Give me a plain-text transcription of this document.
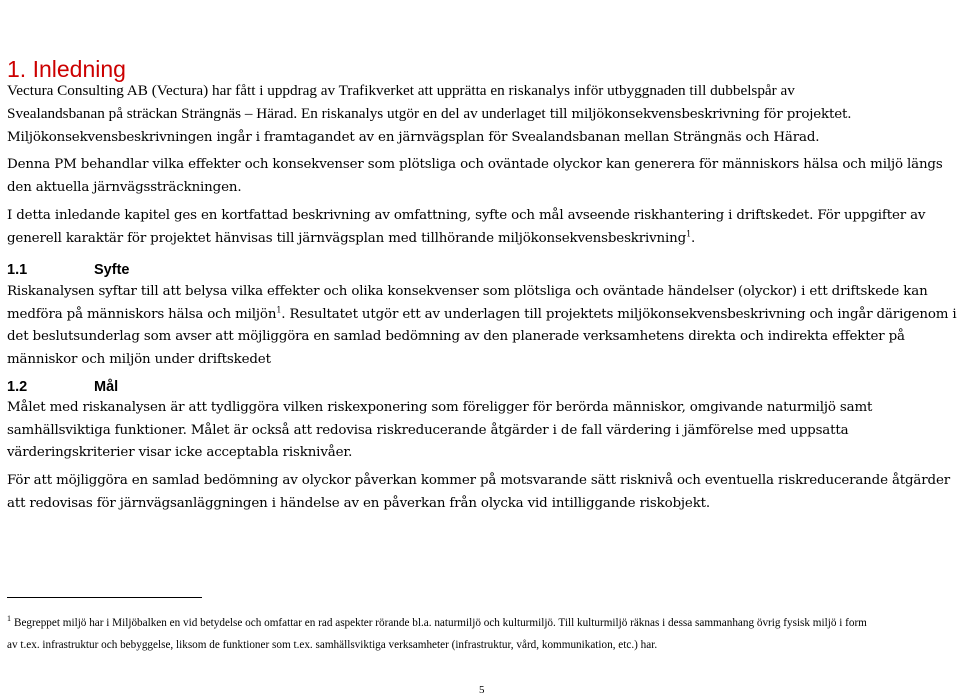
1. Inledning
Vectura Consulting AB (Vectura) har fått i uppdrag av Trafikverket att upprätta en riskanalys inför utbyggnaden till dubbelspår av
Svealandsbanan på sträckan Strängnäs – Härad. En riskanalys utgör en del av underlaget till miljökonsekvensbeskrivning för projektet.
Miljökonsekvensbeskrivningen ingår i framtagandet av en järnvägsplan för Svealandsbanan mellan Strängnäs och Härad.
Denna PM behandlar vilka effekter och konsekvenser som plötsliga och oväntade olyckor kan generera för människors hälsa och miljö längs
den aktuella järnvägssträckningen.
I detta inledande kapitel ges en kortfattad beskrivning av omfattning, syfte och mål avseende riskhantering i driftskedet. För uppgifter av
generell karaktär för projektet hänvisas till järnvägsplan med tillhörande miljökonsekvensbeskrivning$^1$.
1.1	Syfte
Riskanalysen syftar till att belysa vilka effekter och olika konsekvenser som plötsliga och oväntade händelser (olyckor) i ett driftskede kan
medföra på människors hälsa och miljön$^1$. Resultatet utgör ett av underlagen till projektets miljökonsekvensbeskrivning och ingår därigenom i
det beslutsunderlag som avser att möjliggöra en samlad bedömning av den planerade verksamhetens direkta och indirekta effekter på
människor och miljön under driftskedet
1.2	Mål
Målet med riskanalysen är att tydliggöra vilken riskexponering som föreligger för berörda människor, omgivande naturmiljö samt
samhällsviktiga funktioner. Målet är också att redovisa riskreducerande åtgärder i de fall värdering i jämförelse med uppsatta
värderingskriterier visar icke acceptabla risknivåer.
För att möjliggöra en samlad bedömning av olyckor påverkan kommer på motsvarande sätt risknivå och eventuella riskreducerande åtgärder
att redovisas för järnvägsanläggningen i händelse av en påverkan från olycka vid intilliggande riskobjekt.
$^1$ Begreppet miljö har i Miljöbalken en vid betydelse och omfattar en rad aspekter rörande bl.a. naturmiljö och kulturmiljö. Till kulturmiljö räknas i dessa sammanhang övrig fysisk miljö i form
av t.ex. infrastruktur och bebyggelse, liksom de funktioner som t.ex. samhällsviktiga verksamheter (infrastruktur, vård, kommunikation, etc.) har.
5
